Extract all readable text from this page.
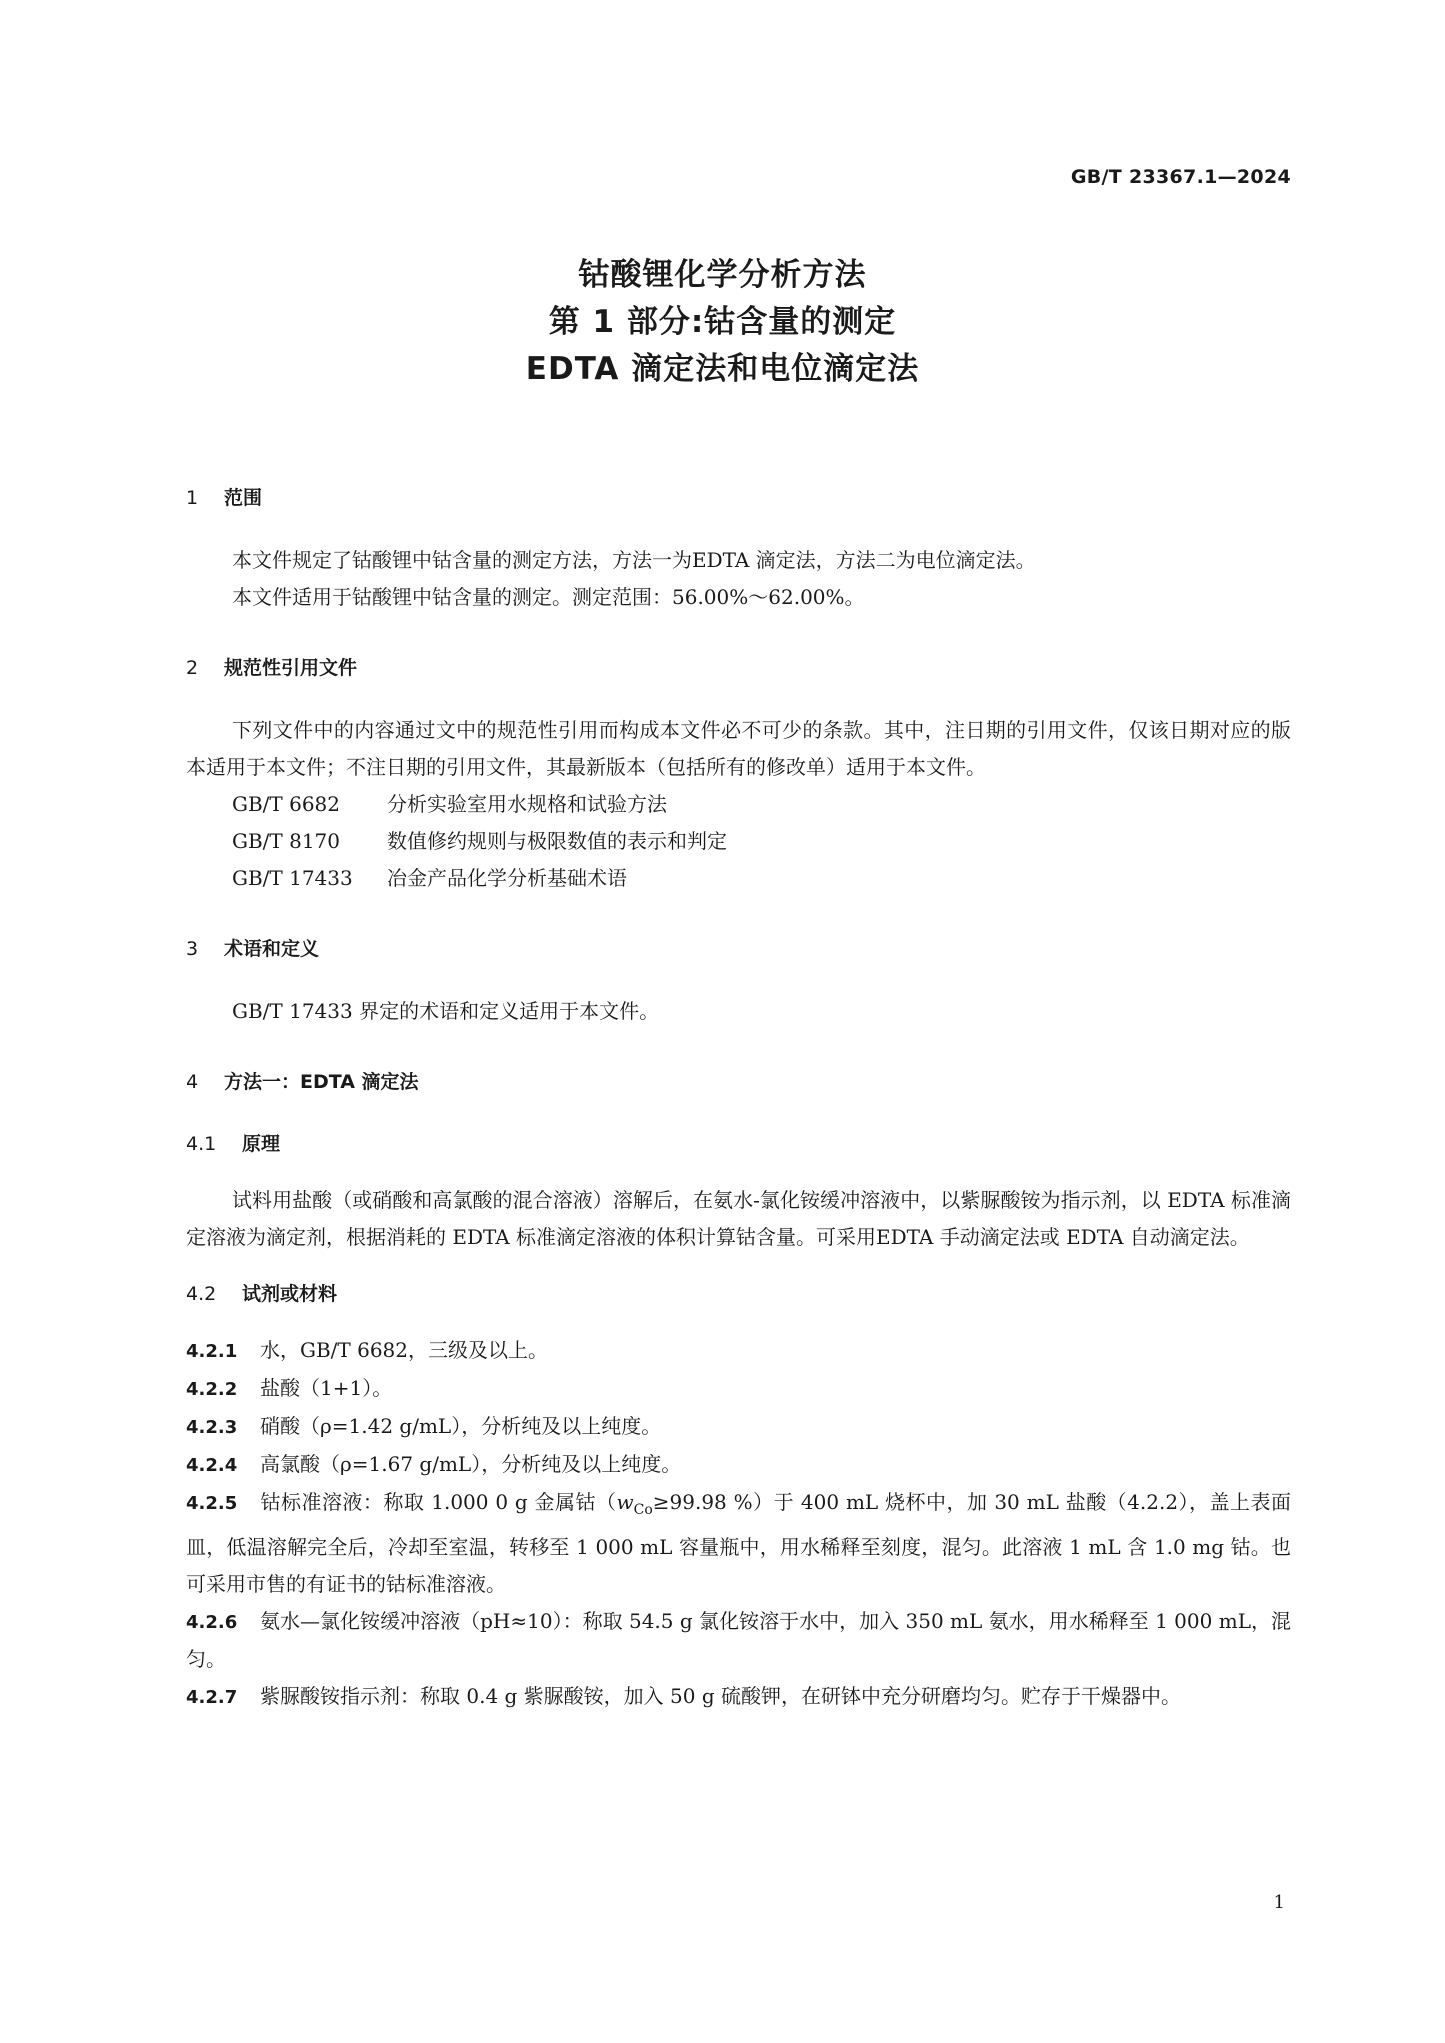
GB/T 23367.1—2024
钴酸锂化学分析方法
第 1 部分:钴含量的测定
EDTA 滴定法和电位滴定法
1 范围

本文件规定了钴酸锂中钴含量的测定方法，方法一为EDTA 滴定法，方法二为电位滴定法。

本文件适用于钴酸锂中钴含量的测定。测定范围：56.00%～62.00%。

2 规范性引用文件

下列文件中的内容通过文中的规范性引用而构成本文件必不可少的条款。其中，注日期的引用文件，仅该日期对应的版本适用于本文件；不注日期的引用文件，其最新版本（包括所有的修改单）适用于本文件。

GB/T 6682 分析实验室用水规格和试验方法

GB/T 8170 数值修约规则与极限数值的表示和判定

GB/T 17433 冶金产品化学分析基础术语

3 术语和定义

GB/T 17433 界定的术语和定义适用于本文件。

4 方法一：EDTA 滴定法
4.1 原理

试料用盐酸（或硝酸和高氯酸的混合溶液）溶解后，在氨水-氯化铵缓冲溶液中，以紫脲酸铵为指示剂，以 EDTA 标准滴定溶液为滴定剂，根据消耗的 EDTA 标准滴定溶液的体积计算钴含量。可采用EDTA 手动滴定法或 EDTA 自动滴定法。

4.2 试剂或材料

4.2.1 水，GB/T 6682，三级及以上。

4.2.2 盐酸（1+1）。

4.2.3 硝酸（ρ=1.42 g/mL），分析纯及以上纯度。

4.2.4 高氯酸（ρ=1.67 g/mL），分析纯及以上纯度。

4.2.5 钴标准溶液：称取 1.000 0 g 金属钴（$w_{Co}\ge 99.98$ %）于 400 mL 烧杯中，加 30 mL 盐酸（4.2.2），盖上表面皿，低温溶解完全后，冷却至室温，转移至 1 000 mL 容量瓶中，用水稀释至刻度，混匀。此溶液 1 mL 含 1.0 mg 钴。也可采用市售的有证书的钴标准溶液。

4.2.6 氨水—氯化铵缓冲溶液（pH≈10）：称取 54.5 g 氯化铵溶于水中，加入 350 mL 氨水，用水稀释至 1 000 mL，混匀。

4.2.7 紫脲酸铵指示剂：称取 0.4 g 紫脲酸铵，加入 50 g 硫酸钾，在研钵中充分研磨均匀。贮存于干燥器中。

1
